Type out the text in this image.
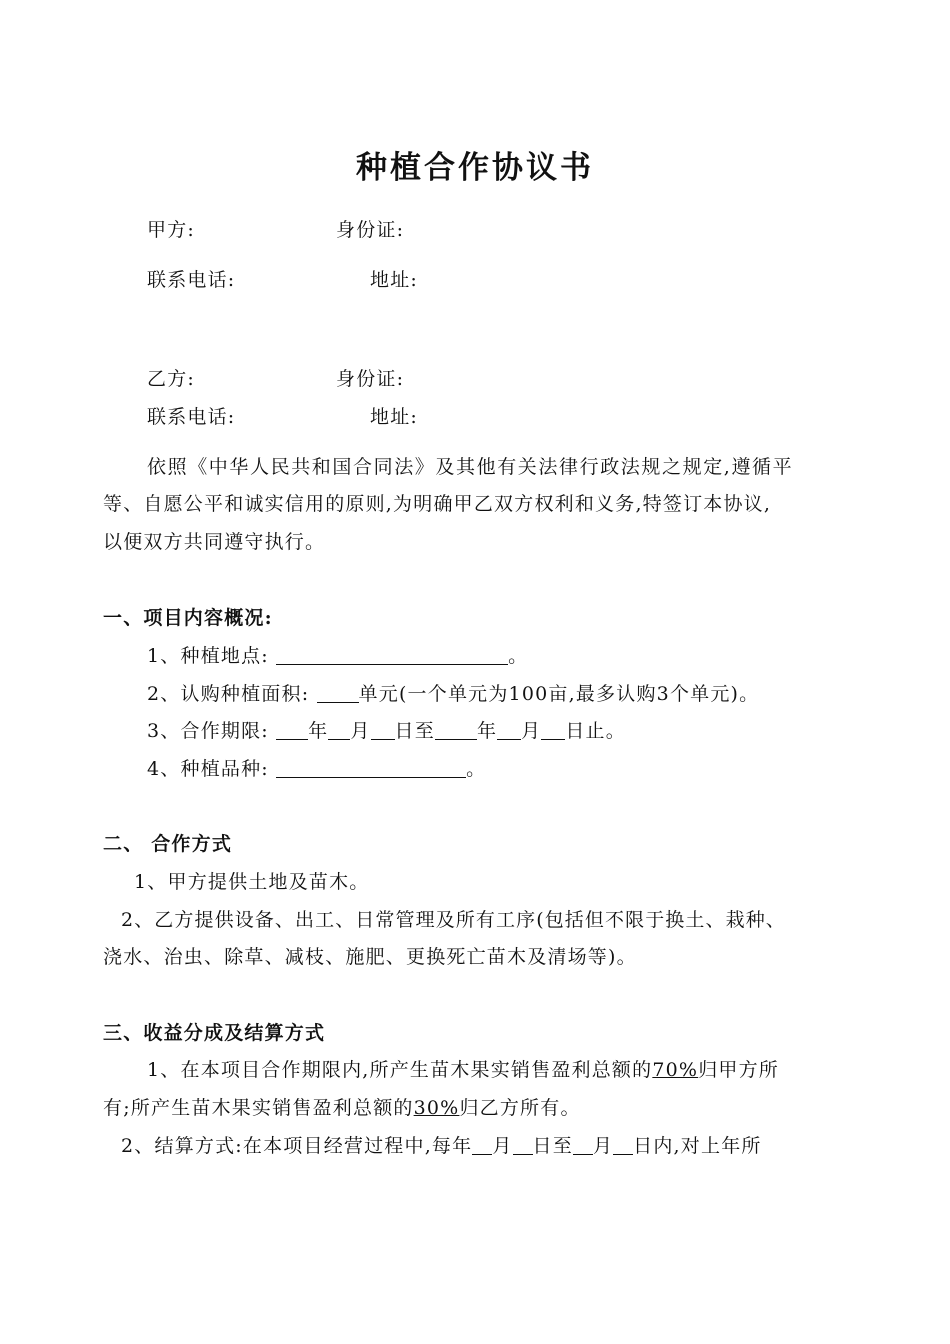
种植合作协议书
甲方:	身份证:
联系电话:	地址:
乙方:	身份证:
联系电话:	地址:
依照《中华人民共和国合同法》及其他有关法律行政法规之规定,遵循平
等、自愿公平和诚实信用的原则,为明确甲乙双方权利和义务,特签订本协议,
以便双方共同遵守执行。
一、项目内容概况:
1、种植地点:	。
2、认购种植面积:	单元(一个单元为100亩,最多认购3个单元)。
3、合作期限: 年 月 日至 年 月 日止。
4、种植品种:	。
二、 合作方式
1、甲方提供土地及苗木。
2、乙方提供设备、出工、日常管理及所有工序(包括但不限于换土、栽种、
浇水、治虫、除草、减枝、施肥、更换死亡苗木及清场等)。
三、收益分成及结算方式
1、在本项目合作期限内,所产生苗木果实销售盈利总额的70%归甲方所
有;所产生苗木果实销售盈利总额的30%归乙方所有。
2、结算方式:在本项目经营过程中,每年 月 日至 月 日内,对上年所
